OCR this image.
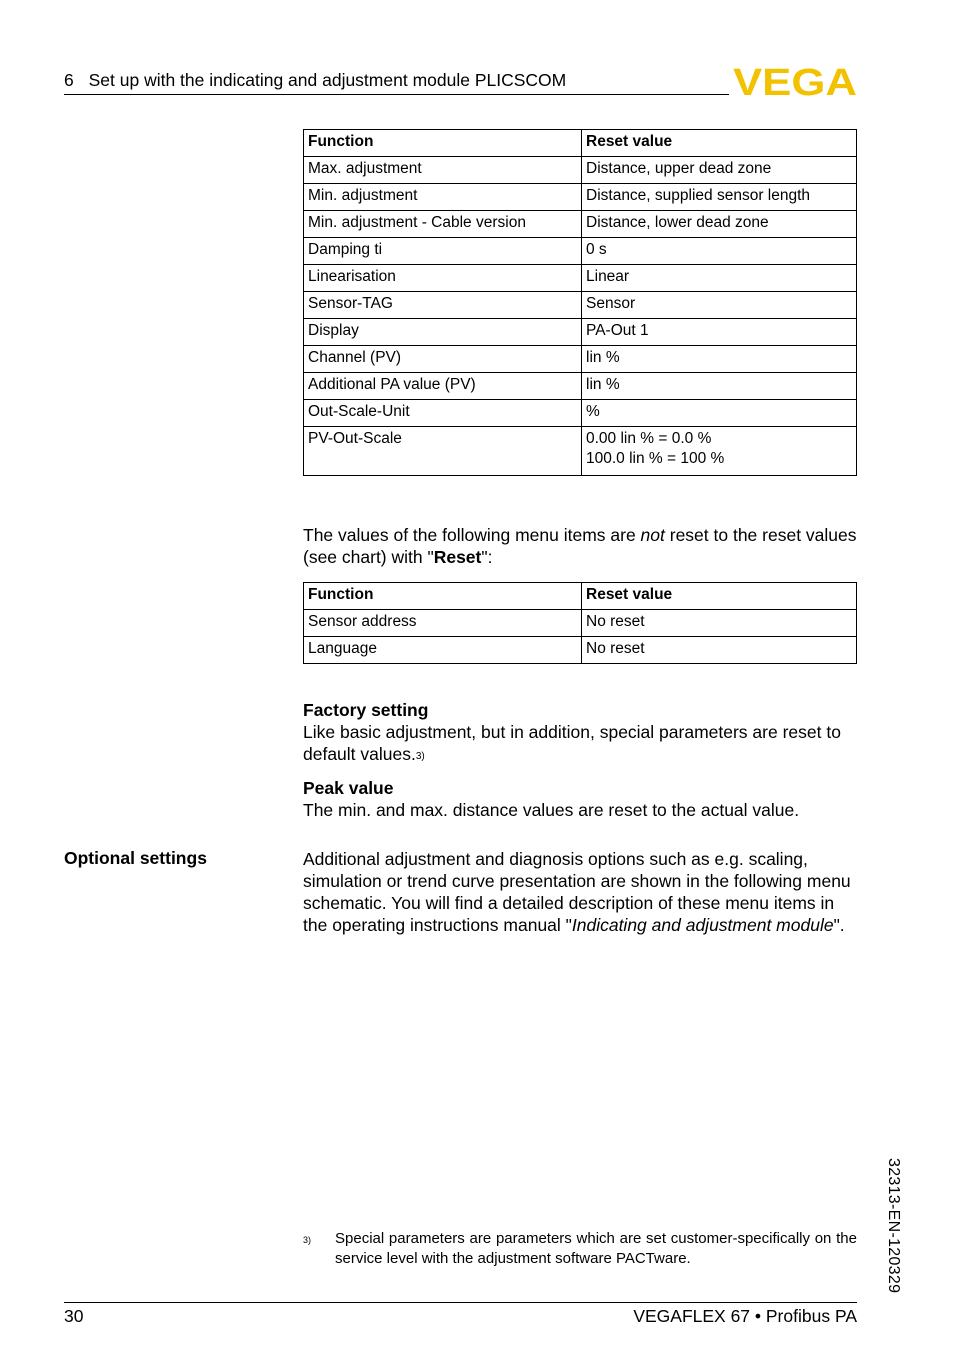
6 Set up with the indicating and adjustment module PLICSCOM	VEGA
Function	Reset value
Max. adjustment	Distance, upper dead zone
Min. adjustment	Distance, supplied sensor length
Min. adjustment - Cable version	Distance, lower dead zone
Damping ti	0 s
Linearisation	Linear
Sensor-TAG	Sensor
Display	PA-Out 1
Channel (PV)	lin %
Additional PA value (PV)	lin %
Out-Scale-Unit	%
PV-Out-Scale	0.00 lin % = 0.0 %
100.0 lin % = 100 %

The values of the following menu items are not reset to the reset values (see chart) with "Reset":

Function	Reset value
Sensor address	No reset
Language	No reset

Factory setting

Like basic adjustment, but in addition, special parameters are reset to default values.$^{3)}$

Peak value

The min. and max. distance values are reset to the actual value.

Optional settings	Additional adjustment and diagnosis options such as e.g. scaling, simulation or trend curve presentation are shown in the following menu schematic. You will find a detailed description of these menu items in the operating instructions manual "Indicating and adjustment module".

3) Special parameters are parameters which are set customer-specifically on the service level with the adjustment software PACTware.	32313-EN-120329
30	VEGAFLEX 67 • Profibus PA
